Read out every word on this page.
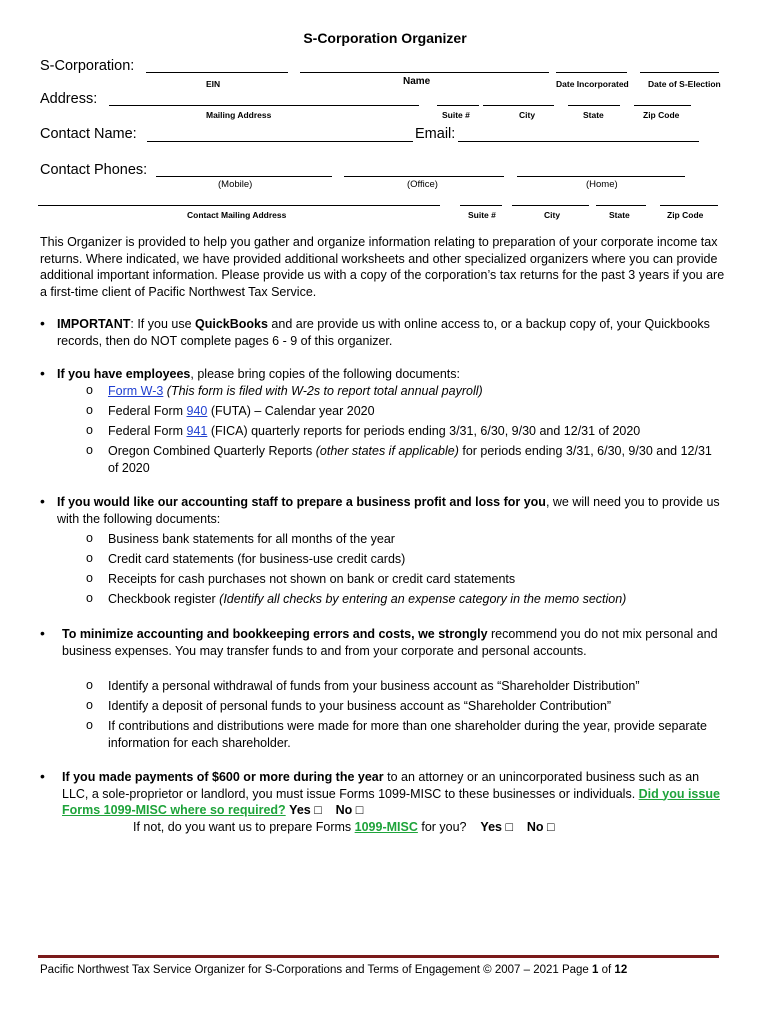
S-Corporation Organizer
S-Corporation:
EIN	Name	Date Incorporated Date of S-Election
Address:
Mailing Address	Suite #	City	State	Zip Code
Contact Name:	Email:
Contact Phones:
(Mobile)	(Office)	(Home)
Contact Mailing Address	Suite #	City	State	Zip Code
This Organizer is provided to help you gather and organize information relating to preparation of your corporate income tax returns. Where indicated, we have provided additional worksheets and other specialized organizers where you can provide additional important information. Please provide us with a copy of the corporation’s tax returns for the past 3 years if you are a first-time client of Pacific Northwest Tax Service.
• IMPORTANT: If you use QuickBooks and are provide us with online access to, or a backup copy of, your Quickbooks records, then do NOT complete pages 6 - 9 of this organizer.
• If you have employees, please bring copies of the following documents:
o Form W-3 (This form is filed with W-2s to report total annual payroll)
o Federal Form 940 (FUTA) – Calendar year 2020
o Federal Form 941 (FICA) quarterly reports for periods ending 3/31, 6/30, 9/30 and 12/31 of 2020
o Oregon Combined Quarterly Reports (other states if applicable) for periods ending 3/31, 6/30, 9/30 and 12/31 of 2020
• If you would like our accounting staff to prepare a business profit and loss for you, we will need you to provide us with the following documents:
o Business bank statements for all months of the year
o Credit card statements (for business-use credit cards)
o Receipts for cash purchases not shown on bank or credit card statements
o Checkbook register (Identify all checks by entering an expense category in the memo section)
• To minimize accounting and bookkeeping errors and costs, we strongly recommend you do not mix personal and business expenses. You may transfer funds to and from your corporate and personal accounts.
o Identify a personal withdrawal of funds from your business account as “Shareholder Distribution”
o Identify a deposit of personal funds to your business account as “Shareholder Contribution”
o If contributions and distributions were made for more than one shareholder during the year, provide separate information for each shareholder.
• If you made payments of $600 or more during the year to an attorney or an unincorporated business such as an LLC, a sole-proprietor or landlord, you must issue Forms 1099-MISC to these businesses or individuals. Did you issue Forms 1099-MISC where so required? Yes □ No □
If not, do you want us to prepare Forms 1099-MISC for you? Yes □ No □
Pacific Northwest Tax Service Organizer for S-Corporations and Terms of Engagement © 2007 – 2021 Page 1 of 12
